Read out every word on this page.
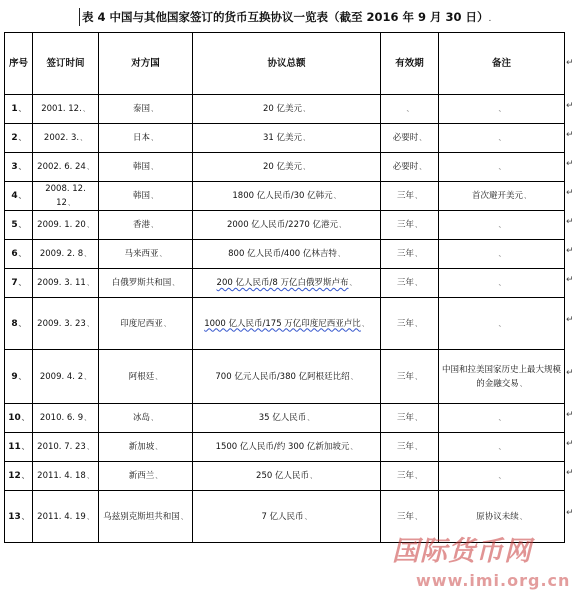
表 4 中国与其他国家签订的货币互换协议一览表（截至 2016 年 9 月 30 日）.
序号	签订时间	对方国	协议总额	有效期	备注
1、	2001. 12.、	泰国、	20 亿美元、	、	、
2、	2002. 3.、	日本、	31 亿美元、	必要时、	、
3、	2002. 6. 24、	韩国、	20 亿美元、	必要时、	、
4、	2008. 12. 12、	韩国、	1800 亿人民币/30 亿韩元、	三年、	首次避开美元、
5、	2009. 1. 20、	香港、	2000 亿人民币/2270 亿港元、	三年、	、
6、	2009. 2. 8、	马来西亚、	800 亿人民币/400 亿林吉特、	三年、	、
7、	2009. 3. 11、	白俄罗斯共和国、	200 亿人民币/8 万亿白俄罗斯卢布、	三年、	、
8、	2009. 3. 23、	印度尼西亚、	1000 亿人民币/175 万亿印度尼西亚卢比、	三年、	、
9、	2009. 4. 2、	阿根廷、	700 亿元人民币/380 亿阿根廷比绍、	三年、	中国和拉美国家历史上最大规模的金融交易、
10、	2010. 6. 9、	冰岛、	35 亿人民币、	三年、	、
11、	2010. 7. 23、	新加坡、	1500 亿人民币/约 300 亿新加坡元、	三年、	、
12、	2011. 4. 18、	新西兰、	250 亿人民币、	三年、	、
13、	2011. 4. 19、	乌兹别克斯坦共和国、	7 亿人民币、	三年、	原协议未续、
↵
↵
↵
↵
↵
↵
↵
↵
↵
↵
↵
↵
↵
↵
国际货币网
www.imi.org.cn
